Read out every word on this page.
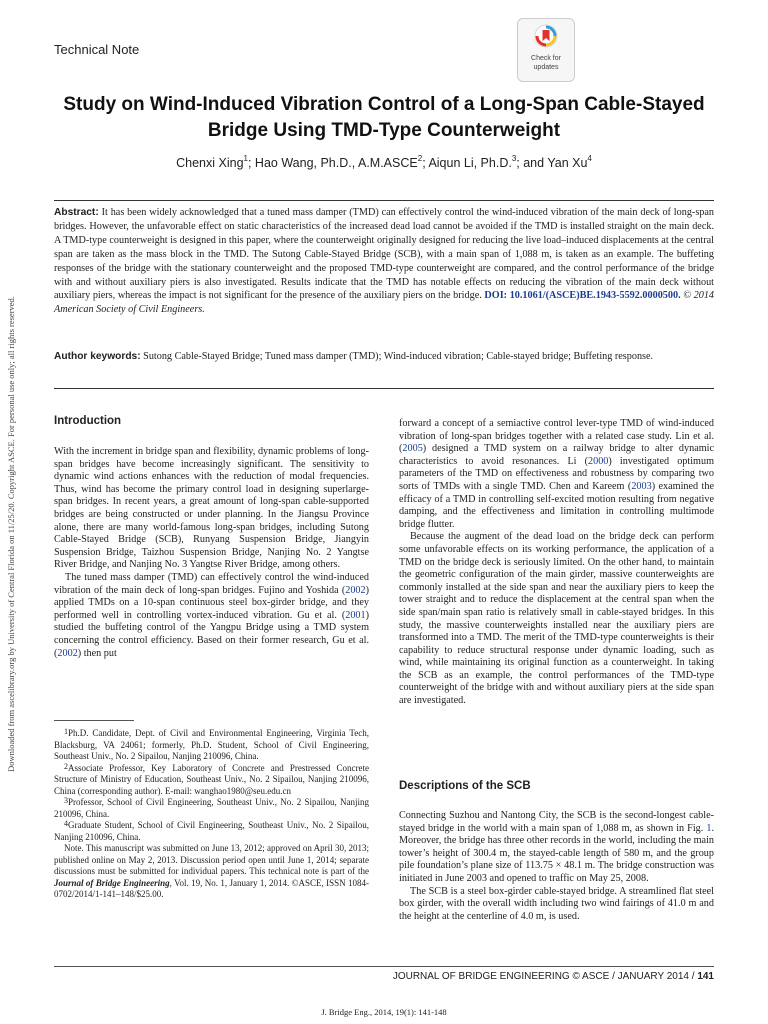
Technical Note
Check for updates
Study on Wind-Induced Vibration Control of a Long-Span Cable-Stayed Bridge Using TMD-Type Counterweight
Chenxi Xing$^1$; Hao Wang, Ph.D., A.M.ASCE$^2$; Aiqun Li, Ph.D.$^3$; and Yan Xu$^4$
Abstract: It has been widely acknowledged that a tuned mass damper (TMD) can effectively control the wind-induced vibration of the main deck of long-span bridges. However, the unfavorable effect on static characteristics of the increased dead load cannot be avoided if the TMD is installed straight on the main deck. A TMD-type counterweight is designed in this paper, where the counterweight originally designed for reducing the live load–induced displacements at the central span are taken as the mass block in the TMD. The Sutong Cable-Stayed Bridge (SCB), with a main span of 1,088 m, is taken as an example. The buffeting responses of the bridge with the stationary counterweight and the proposed TMD-type counterweight are compared, and the control performance of the bridge with and without auxiliary piers is also investigated. Results indicate that the TMD has notable effects on reducing the vibration of the main deck without auxiliary piers, whereas the impact is not significant for the presence of the auxiliary piers on the bridge. DOI: 10.1061/(ASCE)BE.1943-5592.0000500. © 2014 American Society of Civil Engineers.
Author keywords: Sutong Cable-Stayed Bridge; Tuned mass damper (TMD); Wind-induced vibration; Cable-stayed bridge; Buffeting response.
Introduction

With the increment in bridge span and flexibility, dynamic problems of long-span bridges have become increasingly significant. The sensitivity to dynamic wind actions enhances with the reduction of modal frequencies. Thus, wind has become the primary control load in designing superlarge-span bridges. In recent years, a great amount of long-span cable-supported bridges are being constructed or under planning. In the Jiangsu Province alone, there are many world-famous long-span bridges, including Sutong Cable-Stayed Bridge (SCB), Runyang Suspension Bridge, Jiangyin Suspension Bridge, Taizhou Suspension Bridge, Nanjing No. 2 Yangtse River Bridge, and Nanjing No. 3 Yangtse River Bridge, among others.

The tuned mass damper (TMD) can effectively control the wind-induced vibration of the main deck of long-span bridges. Fujino and Yoshida (2002) applied TMDs on a 10-span continuous steel box-girder bridge, and they performed well in controlling vortex-induced vibration. Gu et al. (2001) studied the buffeting control of the Yangpu Bridge using a TMD system concerning the control efficiency. Based on their former research, Gu et al. (2002) then put

$^1$Ph.D. Candidate, Dept. of Civil and Environmental Engineering, Virginia Tech, Blacksburg, VA 24061; formerly, Ph.D. Student, School of Civil Engineering, Southeast Univ., No. 2 Sipailou, Nanjing 210096, China.

$^2$Associate Professor, Key Laboratory of Concrete and Prestressed Concrete Structure of Ministry of Education, Southeast Univ., No. 2 Sipailou, Nanjing 210096, China (corresponding author). E-mail: wanghao1980@seu.edu.cn

$^3$Professor, School of Civil Engineering, Southeast Univ., No. 2 Sipailou, Nanjing 210096, China.

$^4$Graduate Student, School of Civil Engineering, Southeast Univ., No. 2 Sipailou, Nanjing 210096, China.

Note. This manuscript was submitted on June 13, 2012; approved on April 30, 2013; published online on May 2, 2013. Discussion period open until June 1, 2014; separate discussions must be submitted for individual papers. This technical note is part of the Journal of Bridge Engineering, Vol. 19, No. 1, January 1, 2014. ©ASCE, ISSN 1084-0702/2014/1-141–148/$25.00.

forward a concept of a semiactive control lever-type TMD of wind-induced vibration of long-span bridges together with a related case study. Lin et al. (2005) designed a TMD system on a railway bridge to alter dynamic characteristics to avoid resonances. Li (2000) investigated optimum parameters of the TMD on effectiveness and robustness by comparing two sorts of TMDs with a single TMD. Chen and Kareem (2003) examined the efficacy of a TMD in controlling self-excited motion resulting from negative damping, and the effectiveness and limitation in controlling multimode bridge flutter.

Because the augment of the dead load on the bridge deck can perform some unfavorable effects on its working performance, the application of a TMD on the bridge deck is seriously limited. On the other hand, to maintain the geometric configuration of the main girder, massive counterweights are commonly installed at the side span and near the auxiliary piers to keep the tower straight and to reduce the displacement at the central span when the side span/main span ratio is relatively small in cable-stayed bridges. In this study, the massive counterweights installed near the auxiliary piers are transformed into a TMD. The merit of the TMD-type counterweights is their capability to reduce structural response under dynamic loading, such as wind, while maintaining its original function as a counterweight. In taking the SCB as an example, the control performances of the TMD-type counterweight of the bridge with and without auxiliary piers at the side span are investigated.

Descriptions of the SCB

Connecting Suzhou and Nantong City, the SCB is the second-longest cable-stayed bridge in the world with a main span of 1,088 m, as shown in Fig. 1. Moreover, the bridge has three other records in the world, including the main tower’s height of 300.4 m, the stayed-cable length of 580 m, and the group pile foundation’s plane size of 113.75 × 48.1 m. The bridge construction was initiated in June 2003 and opened to traffic on May 25, 2008.

The SCB is a steel box-girder cable-stayed bridge. A streamlined flat steel box girder, with the overall width including two wind fairings of 41.0 m and the height at the centerline of 4.0 m, is used.

JOURNAL OF BRIDGE ENGINEERING © ASCE / JANUARY 2014 / 141
J. Bridge Eng., 2014, 19(1): 141-148
Downloaded from ascelibrary.org by University of Central Florida on 11/25/20. Copyright ASCE. For personal use only; all rights reserved.
